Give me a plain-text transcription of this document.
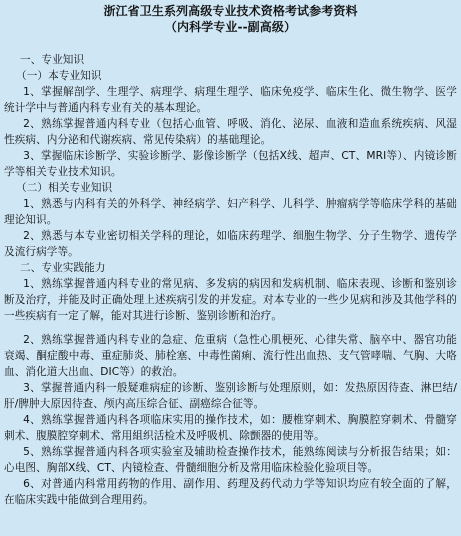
浙江省卫生系列高级专业技术资格考试参考资料

（内科学专业--副高级）

一、专业知识

（一）本专业知识

1、掌握解剖学、生理学、病理学、病理生理学、临床免疫学、临床生化、微生物学、医学统计学中与普通内科专业有关的基本理论。

2、熟练掌握普通内科专业（包括心血管、呼吸、消化、泌尿、血液和造血系统疾病、风湿性疾病、内分泌和代谢疾病、常见传染病）的基础理论。

3、掌握临床诊断学、实验诊断学、影像诊断学（包括X线、超声、CT、MRI等）、内镜诊断学等相关专业技术知识。

（二）相关专业知识

1、熟悉与内科有关的外科学、神经病学、妇产科学、儿科学、肿瘤病学等临床学科的基础理论知识。

2、熟悉与本专业密切相关学科的理论，如临床药理学、细胞生物学、分子生物学、遗传学及流行病学等。

二、专业实践能力

1、熟练掌握普通内科专业的常见病、多发病的病因和发病机制、临床表现、诊断和鉴别诊断及治疗，并能及时正确处理上述疾病引发的并发症。对本专业的一些少见病和涉及其他学科的一些疾病有一定了解，能对其进行诊断、鉴别诊断和治疗。

2、熟练掌握普通内科专业的急症、危重病（急性心肌梗死、心律失常、脑卒中、器官功能衰竭、酮症酸中毒、重症肺炎、肺栓塞、中毒性菌痢、流行性出血热、支气管哮喘、气胸、大咯血、消化道大出血、DIC等）的救治。

3、掌握普通内科一般疑难病症的诊断、鉴别诊断与处理原则，如：发热原因待查、淋巴结/肝/脾肿大原因待查、颅内高压综合征、副癌综合征等。

4、熟练掌握普通内科各项临床实用的操作技术，如：腰椎穿刺术、胸膜腔穿刺术、骨髓穿刺术、腹膜腔穿刺术、常用組织活检术及呼吸机、除颤器的使用等。

5、熟练掌握普通内科各项实验室及辅助检查操作技术，能熟练阅读与分析报告结果；如：心电图、胸部X线、CT、内镜检查、骨髓细胞分析及常用临床检验化验项目等。

6、对普通内科常用药物的作用、副作用、药理及药代动力学等知识均应有较全面的了解，在临床实践中能做到合理用药。
